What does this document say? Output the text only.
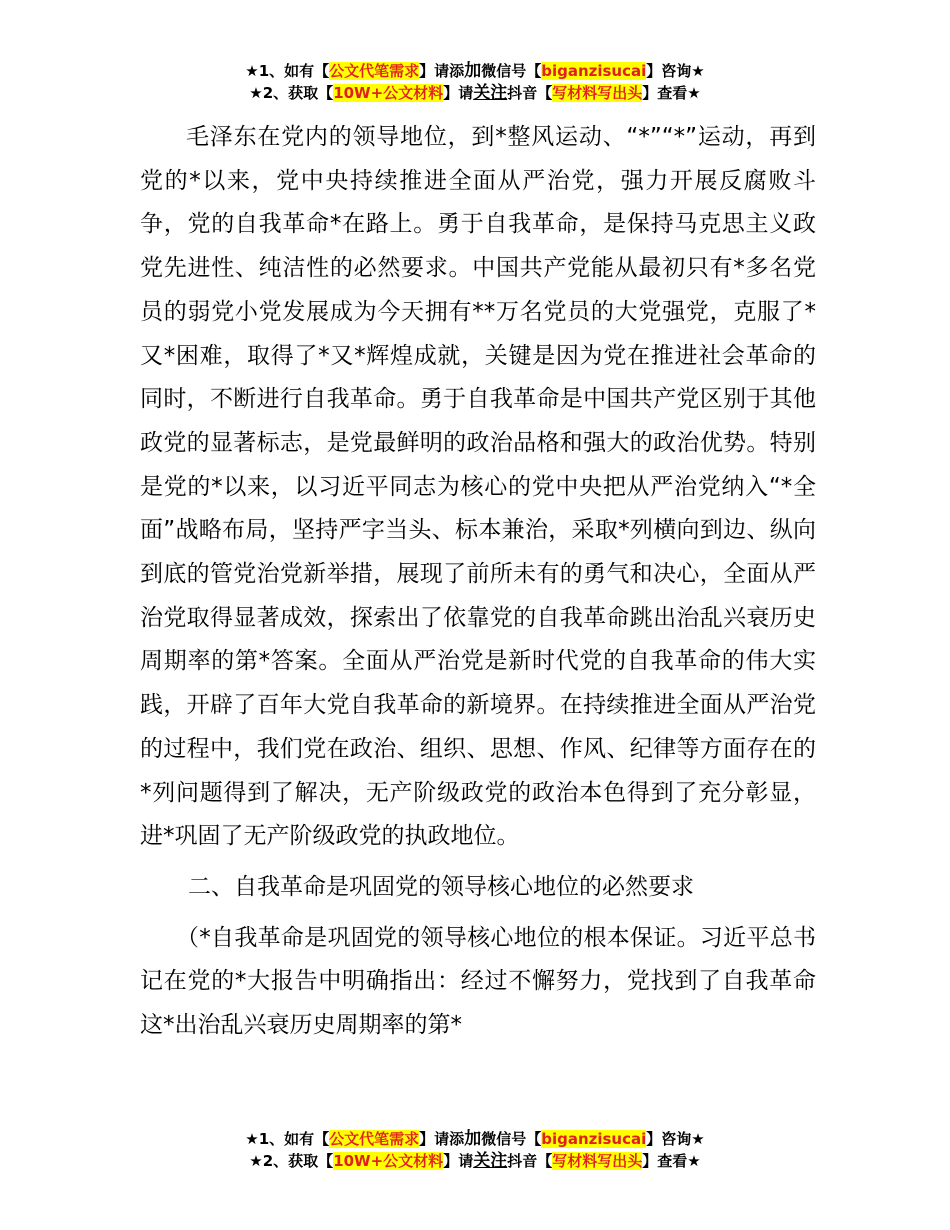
★1、如有【公文代笔需求】请添加微信号【biganzisucai】咨询★
★2、获取【10W+公文材料】请关注抖音【写材料写出头】查看★

毛泽东在党内的领导地位，到*整风运动、“*”“*”运动，再到党的*以来，党中央持续推进全面从严治党，强力开展反腐败斗争，党的自我革命*在路上。勇于自我革命，是保持马克思主义政党先进性、纯洁性的必然要求。中国共产党能从最初只有*多名党员的弱党小党发展成为今天拥有**万名党员的大党强党，克服了*又*困难，取得了*又*辉煌成就，关键是因为党在推进社会革命的同时，不断进行自我革命。勇于自我革命是中国共产党区别于其他政党的显著标志，是党最鲜明的政治品格和强大的政治优势。特别是党的*以来，以习近平同志为核心的党中央把从严治党纳入“*全面”战略布局，坚持严字当头、标本兼治，采取*列横向到边、纵向到底的管党治党新举措，展现了前所未有的勇气和决心，全面从严治党取得显著成效，探索出了依靠党的自我革命跳出治乱兴衰历史周期率的第*答案。全面从严治党是新时代党的自我革命的伟大实践，开辟了百年大党自我革命的新境界。在持续推进全面从严治党的过程中，我们党在政治、组织、思想、作风、纪律等方面存在的*列问题得到了解决，无产阶级政党的政治本色得到了充分彰显，进*巩固了无产阶级政党的执政地位。

二、自我革命是巩固党的领导核心地位的必然要求

（*自我革命是巩固党的领导核心地位的根本保证。习近平总书记在党的*大报告中明确指出：经过不懈努力，党找到了自我革命这*出治乱兴衰历史周期率的第*

★1、如有【公文代笔需求】请添加微信号【biganzisucai】咨询★
★2、获取【10W+公文材料】请关注抖音【写材料写出头】查看★
